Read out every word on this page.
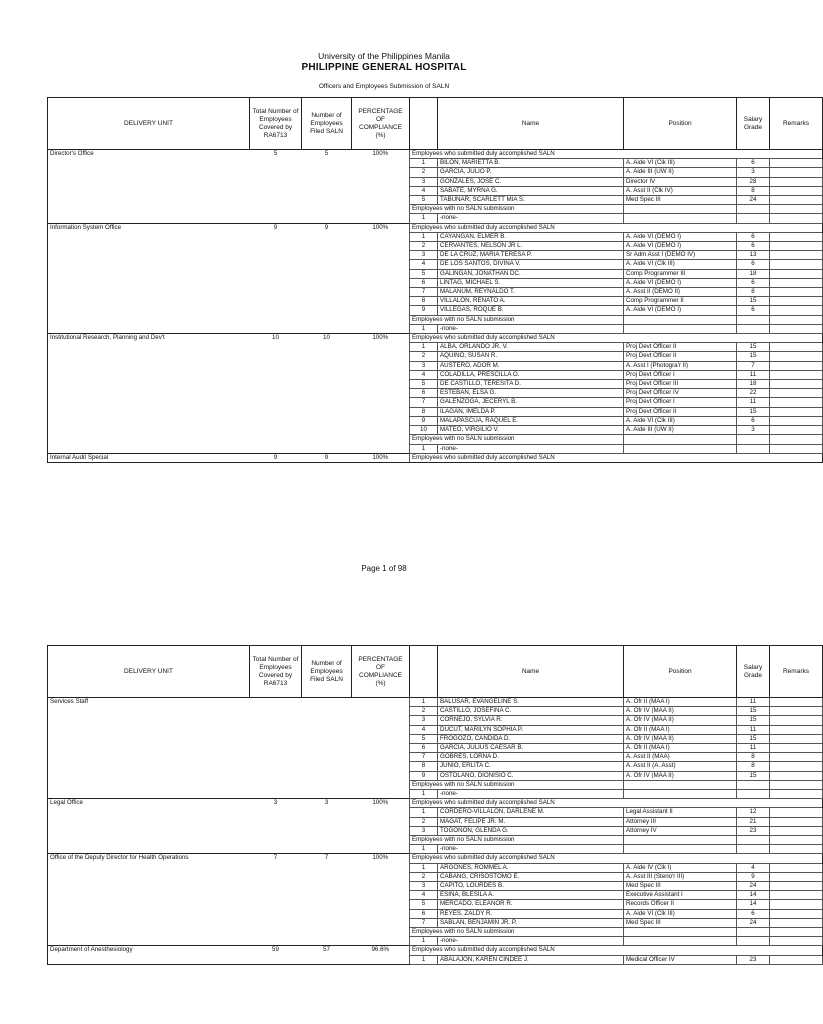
University of the Philippines Manila
PHILIPPINE GENERAL HOSPITAL
Officers and Employees Submission of SALN
DELIVERY UNIT	Total Number of Employees Covered by RA6713	Number of Employees Filed SALN	PERCENTAGE OF COMPLIANCE (%)		Name	Position	Salary Grade	Remarks
Director's Office	5	5	100%	Employees who submitted duly accomplished SALN				
				1	BILON, MARIETTA B.	A. Aide VI (Clk III)	6	
				2	GARCIA, JULIO P.	A. Aide III (UW II)	3	
				3	GONZALES, JOSE C.	Director IV	28	
				4	SABATE, MYRNA G.	A. Asst II (Clk IV)	8	
				5	TABUNAR, SCARLETT MIA S.	Med Spec III	24	
				Employees with no SALN submission				
				1	-none-			
Information System Office	9	9	100%	Employees who submitted duly accomplished SALN				
				1	CAYANGAN, ELMER B.	A. Aide VI (DEMO I)	6	
				2	CERVANTES, NELSON JR L.	A. Aide VI (DEMO I)	6	
				3	DE LA CRUZ, MARIA TERESA P.	Sr Adm Asst I (DEMO IV)	13	
				4	DE LOS SANTOS, DIVINA V.	A. Aide VI (Clk III)	6	
				5	GALINGAN, JONATHAN DC.	Comp Programmer III	18	
				6	LINTAG, MICHAEL S.	A. Aide VI (DEMO I)	6	
				7	MALANUM, REYNALDO T.	A. Asst II (DEMO II)	8	
				8	VILLALON, RENATO A.	Comp Programmer II	15	
				9	VILLEGAS, ROQUE B.	A. Aide VI (DEMO I)	6	
				Employees with no SALN submission				
				1	-none-			
Institutional Research, Planning and Dev't	10	10	100%	Employees who submitted duly accomplished SALN				
				1	ALBA, ORLANDO JR. V.	Proj Devt Officer II	15	
				2	AQUINO, SUSAN R.	Proj Devt Officer II	15	
				3	AUSTERO, ADOR M.	A. Asst I (Photogra'r II)	7	
				4	COLADILLA, PRESCILLA O.	Proj Devt Officer I	11	
				5	DE CASTILLO, TERESITA D.	Proj Devt Officer III	18	
				6	ESTEBAN, ELSA G.	Proj Devt Officer IV	22	
				7	GALENZOGA, JECERYL B.	Proj Devt Officer I	11	
				8	ILAGAN, IMELDA P.	Proj Devt Officer II	15	
				9	MALAPASCUA, RAQUEL E.	A. Aide VI (Clk III)	6	
				10	MATEO, VIRGILIO V.	A. Aide III (UW II)	3	
				Employees with no SALN submission				
				1	-none-			
Internal Audit Special	9	9	100%	Employees who submitted duly accomplished SALN				
Page 1 of 98
DELIVERY UNIT	Total Number of Employees Covered by RA6713	Number of Employees Filed SALN	PERCENTAGE OF COMPLIANCE (%)		Name	Position	Salary Grade	Remarks
Services Staff				1	BALUSAR, EVANGELINE S.	A. Ofr II (MAA I)	11	
				2	CASTILLO, JOSEFINA C.	A. Ofr IV (MAA II)	15	
				3	CORNEJO, SYLVIA R.	A. Ofr IV (MAA II)	15	
				4	DUCUT, MARILYN SOPHIA P.	A. Ofr II (MAA I)	11	
				5	FROGOZO, CANDIDA D.	A. Ofr IV (MAA II)	15	
				6	GARCIA, JULIUS CAESAR B.	A. Ofr II (MAA I)	11	
				7	GOBRES, LORNA D.	A. Asst II (MAA)	8	
				8	JUNIO, ERLITA C.	A. Asst II (A. Asst)	8	
				9	OSTOLANO, DIONISIO C.	A. Ofr IV (MAA II)	15	
				Employees with no SALN submission				
				1	-none-			
Legal Office	3	3	100%	Employees who submitted duly accomplished SALN				
				1	CORDERO-VILLALON, DARLENE M.	Legal Assistant II	12	
				2	MAGAT, FELIPE JR. M.	Attorney III	21	
				3	TOGONON, GLENDA G.	Attorney IV	23	
				Employees with no SALN submission				
				1	-none-			
Office of the Deputy Director for Health Operations	7	7	100%	Employees who submitted duly accomplished SALN				
				1	ARGONES, ROMMEL A.	A. Aide IV (Clk I)	4	
				2	CABANG, CRISOSTOMO E.	A. Asst III (Steno'r III)	9	
				3	CAPITO, LOURDES B.	Med Spec III	24	
				4	ESINA, BLESILA A.	Executive Assistant I	14	
				5	MERCADO, ELEANOR R.	Records Officer II	14	
				6	REYES, ZALDY R.	A. Aide VI (Clk III)	6	
				7	SABLAN, BENJAMIN JR. P.	Med Spec III	24	
				Employees with no SALN submission				
				1	-none-			
Department of Anesthesiology	59	57	96.6%	Employees who submitted duly accomplished SALN				
				1	ABALAJON, KAREN CINDEE J.	Medical Officer IV	23	
